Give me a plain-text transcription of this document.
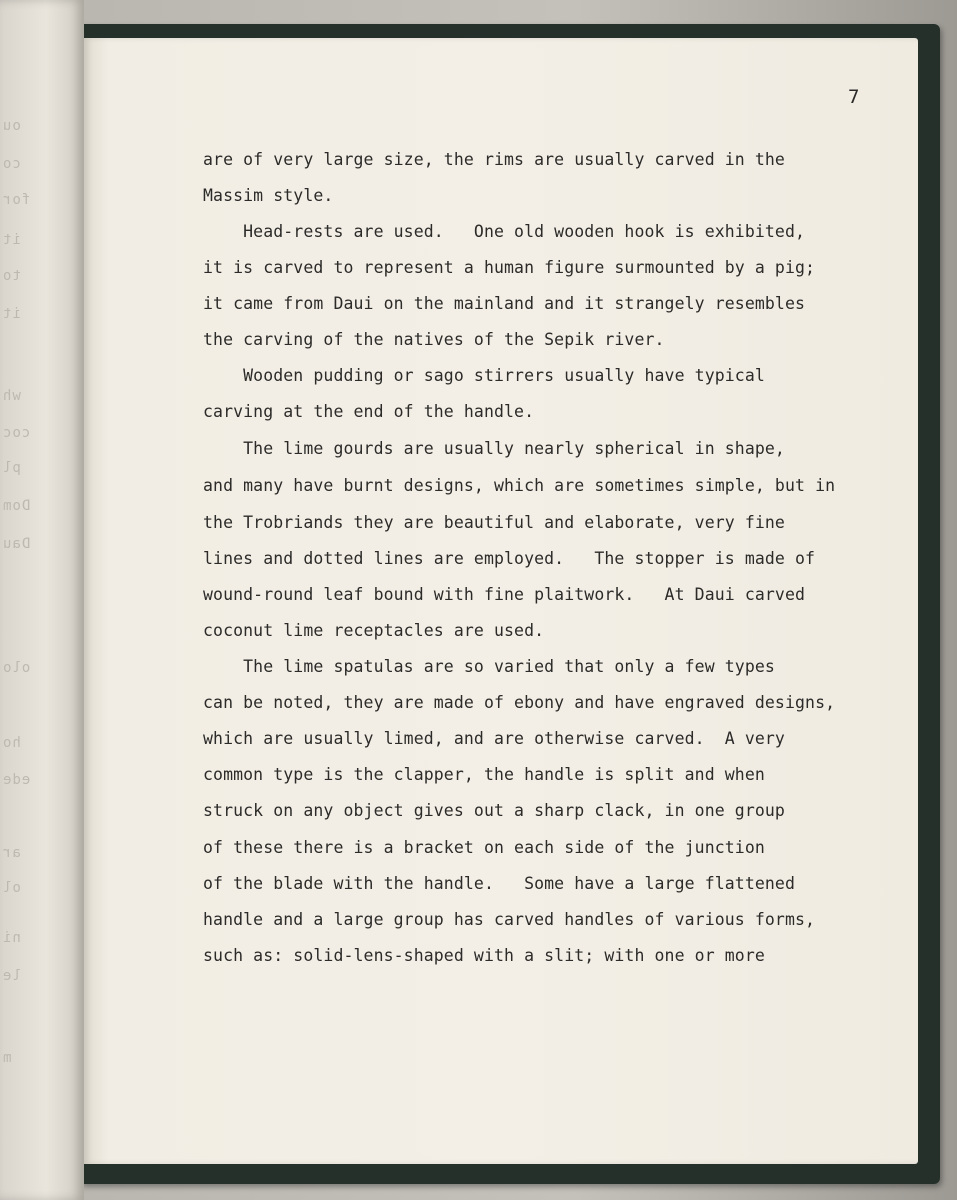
ou
co
for
it
to
it
wh
coc
pl
Dom
Dau
olo
ho
ede
ar
ol
ni
le
m
7
are of very large size, the rims are usually carved in the
Massim style.
Head-rests are used.   One old wooden hook is exhibited,
it is carved to represent a human figure surmounted by a pig;
it came from Daui on the mainland and it strangely resembles
the carving of the natives of the Sepik river.
Wooden pudding or sago stirrers usually have typical
carving at the end of the handle.
The lime gourds are usually nearly spherical in shape,
and many have burnt designs, which are sometimes simple, but in
the Trobriands they are beautiful and elaborate, very fine
lines and dotted lines are employed.   The stopper is made of
wound-round leaf bound with fine plaitwork.   At Daui carved
coconut lime receptacles are used.
The lime spatulas are so varied that only a few types
can be noted, they are made of ebony and have engraved designs,
which are usually limed, and are otherwise carved.  A very
common type is the clapper, the handle is split and when
struck on any object gives out a sharp clack, in one group
of these there is a bracket on each side of the junction
of the blade with the handle.   Some have a large flattened
handle and a large group has carved handles of various forms,
such as: solid-lens-shaped with a slit; with one or more
